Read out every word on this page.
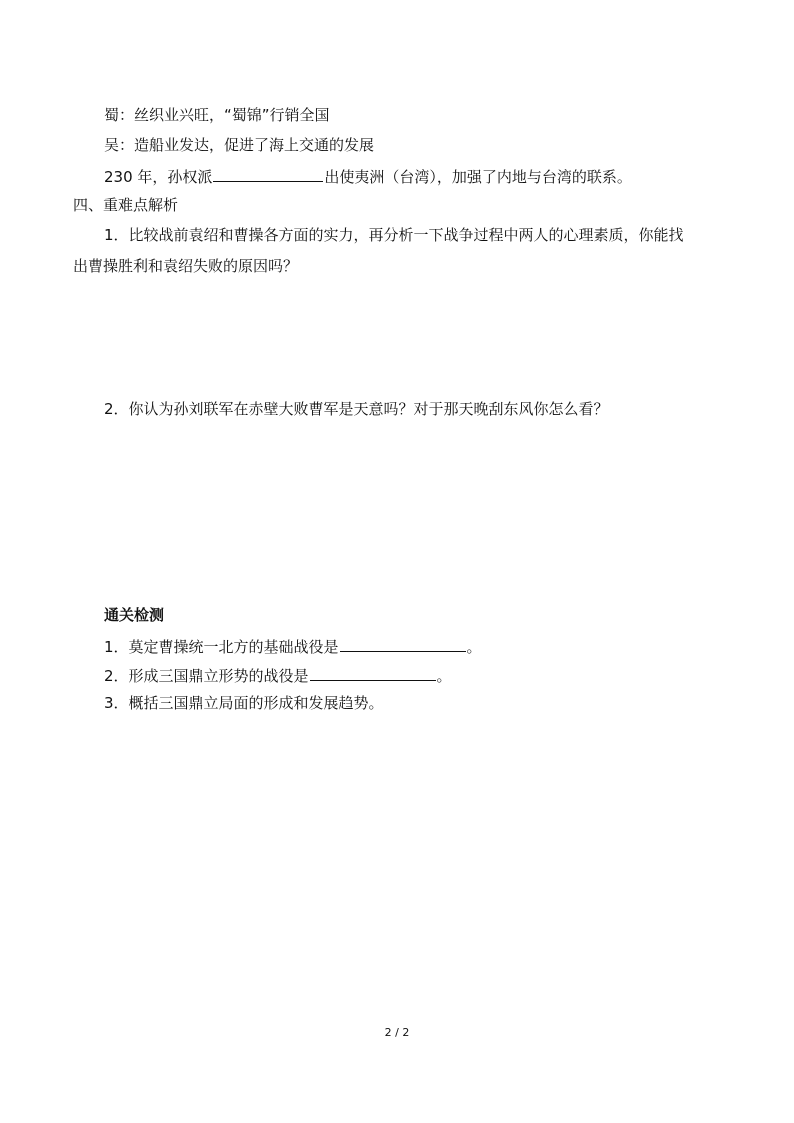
蜀：丝织业兴旺，“蜀锦”行销全国
吴：造船业发达，促进了海上交通的发展
230 年，孙权派	出使夷洲（台湾），加强了内地与台湾的联系。
四、重难点解析
1．比较战前袁绍和曹操各方面的实力，再分析一下战争过程中两人的心理素质，你能找
出曹操胜利和袁绍失败的原因吗？
2．你认为孙刘联军在赤壁大败曹军是天意吗？对于那天晚刮东风你怎么看？
通关检测
1．莫定曹操统一北方的基础战役是	。
2．形成三国鼎立形势的战役是	。
3．概括三国鼎立局面的形成和发展趋势。
2 / 2
